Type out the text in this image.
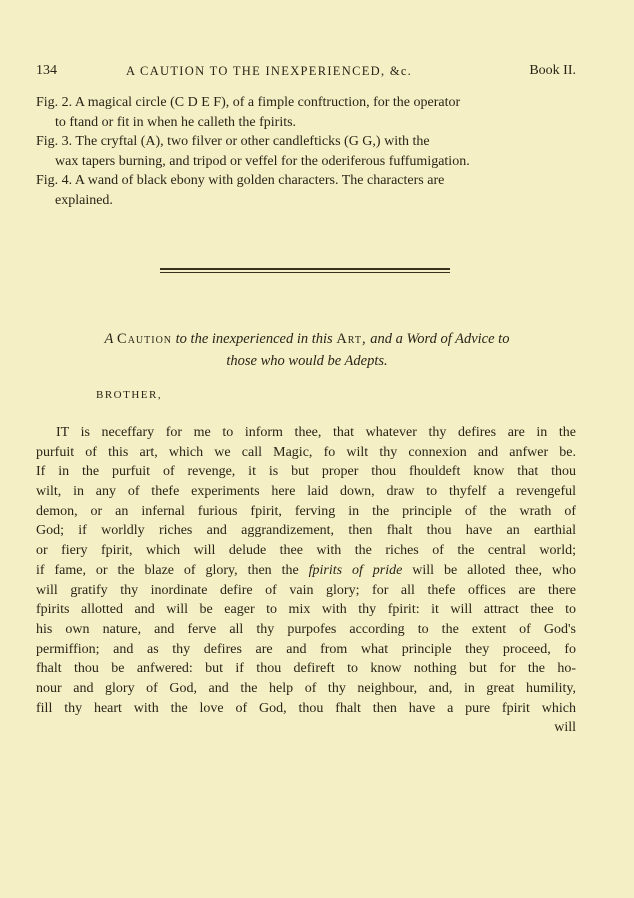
134	A CAUTION TO THE INEXPERIENCED, &c.	Book II.

Fig. 2. A magical circle (C D E F), of a fimple conftruction, for the operator
to ftand or fit in when he calleth the fpirits.

Fig. 3. The cryftal (A), two filver or other candlefticks (G G,) with the
wax tapers burning, and tripod or veffel for the oderiferous fuffumigation.

Fig. 4. A wand of black ebony with golden characters. The characters are
explained.

A Caution to the inexperienced in this Art, and a Word of Advice to
those who would be Adepts.
BROTHER,
IT is neceffary for me to inform thee, that whatever thy defires are in the
purfuit of this art, which we call Magic, fo wilt thy connexion and anfwer be.
If in the purfuit of revenge, it is but proper thou fhouldeft know that thou
wilt, in any of thefe experiments here laid down, draw to thyfelf a revengeful
demon, or an infernal furious fpirit, ferving in the principle of the wrath of
God; if worldly riches and aggrandizement, then fhalt thou have an earthial
or fiery fpirit, which will delude thee with the riches of the central world;
if fame, or the blaze of glory, then the fpirits of pride will be alloted thee, who
will gratify thy inordinate defire of vain glory; for all thefe offices are there
fpirits allotted and will be eager to mix with thy fpirit: it will attract thee to
his own nature, and ferve all thy purpofes according to the extent of God's
permiffion; and as thy defires are and from what principle they proceed, fo
fhalt thou be anfwered: but if thou defireft to know nothing but for the ho-
nour and glory of God, and the help of thy neighbour, and, in great humility,
fill thy heart with the love of God, thou fhalt then have a pure fpirit which
will
